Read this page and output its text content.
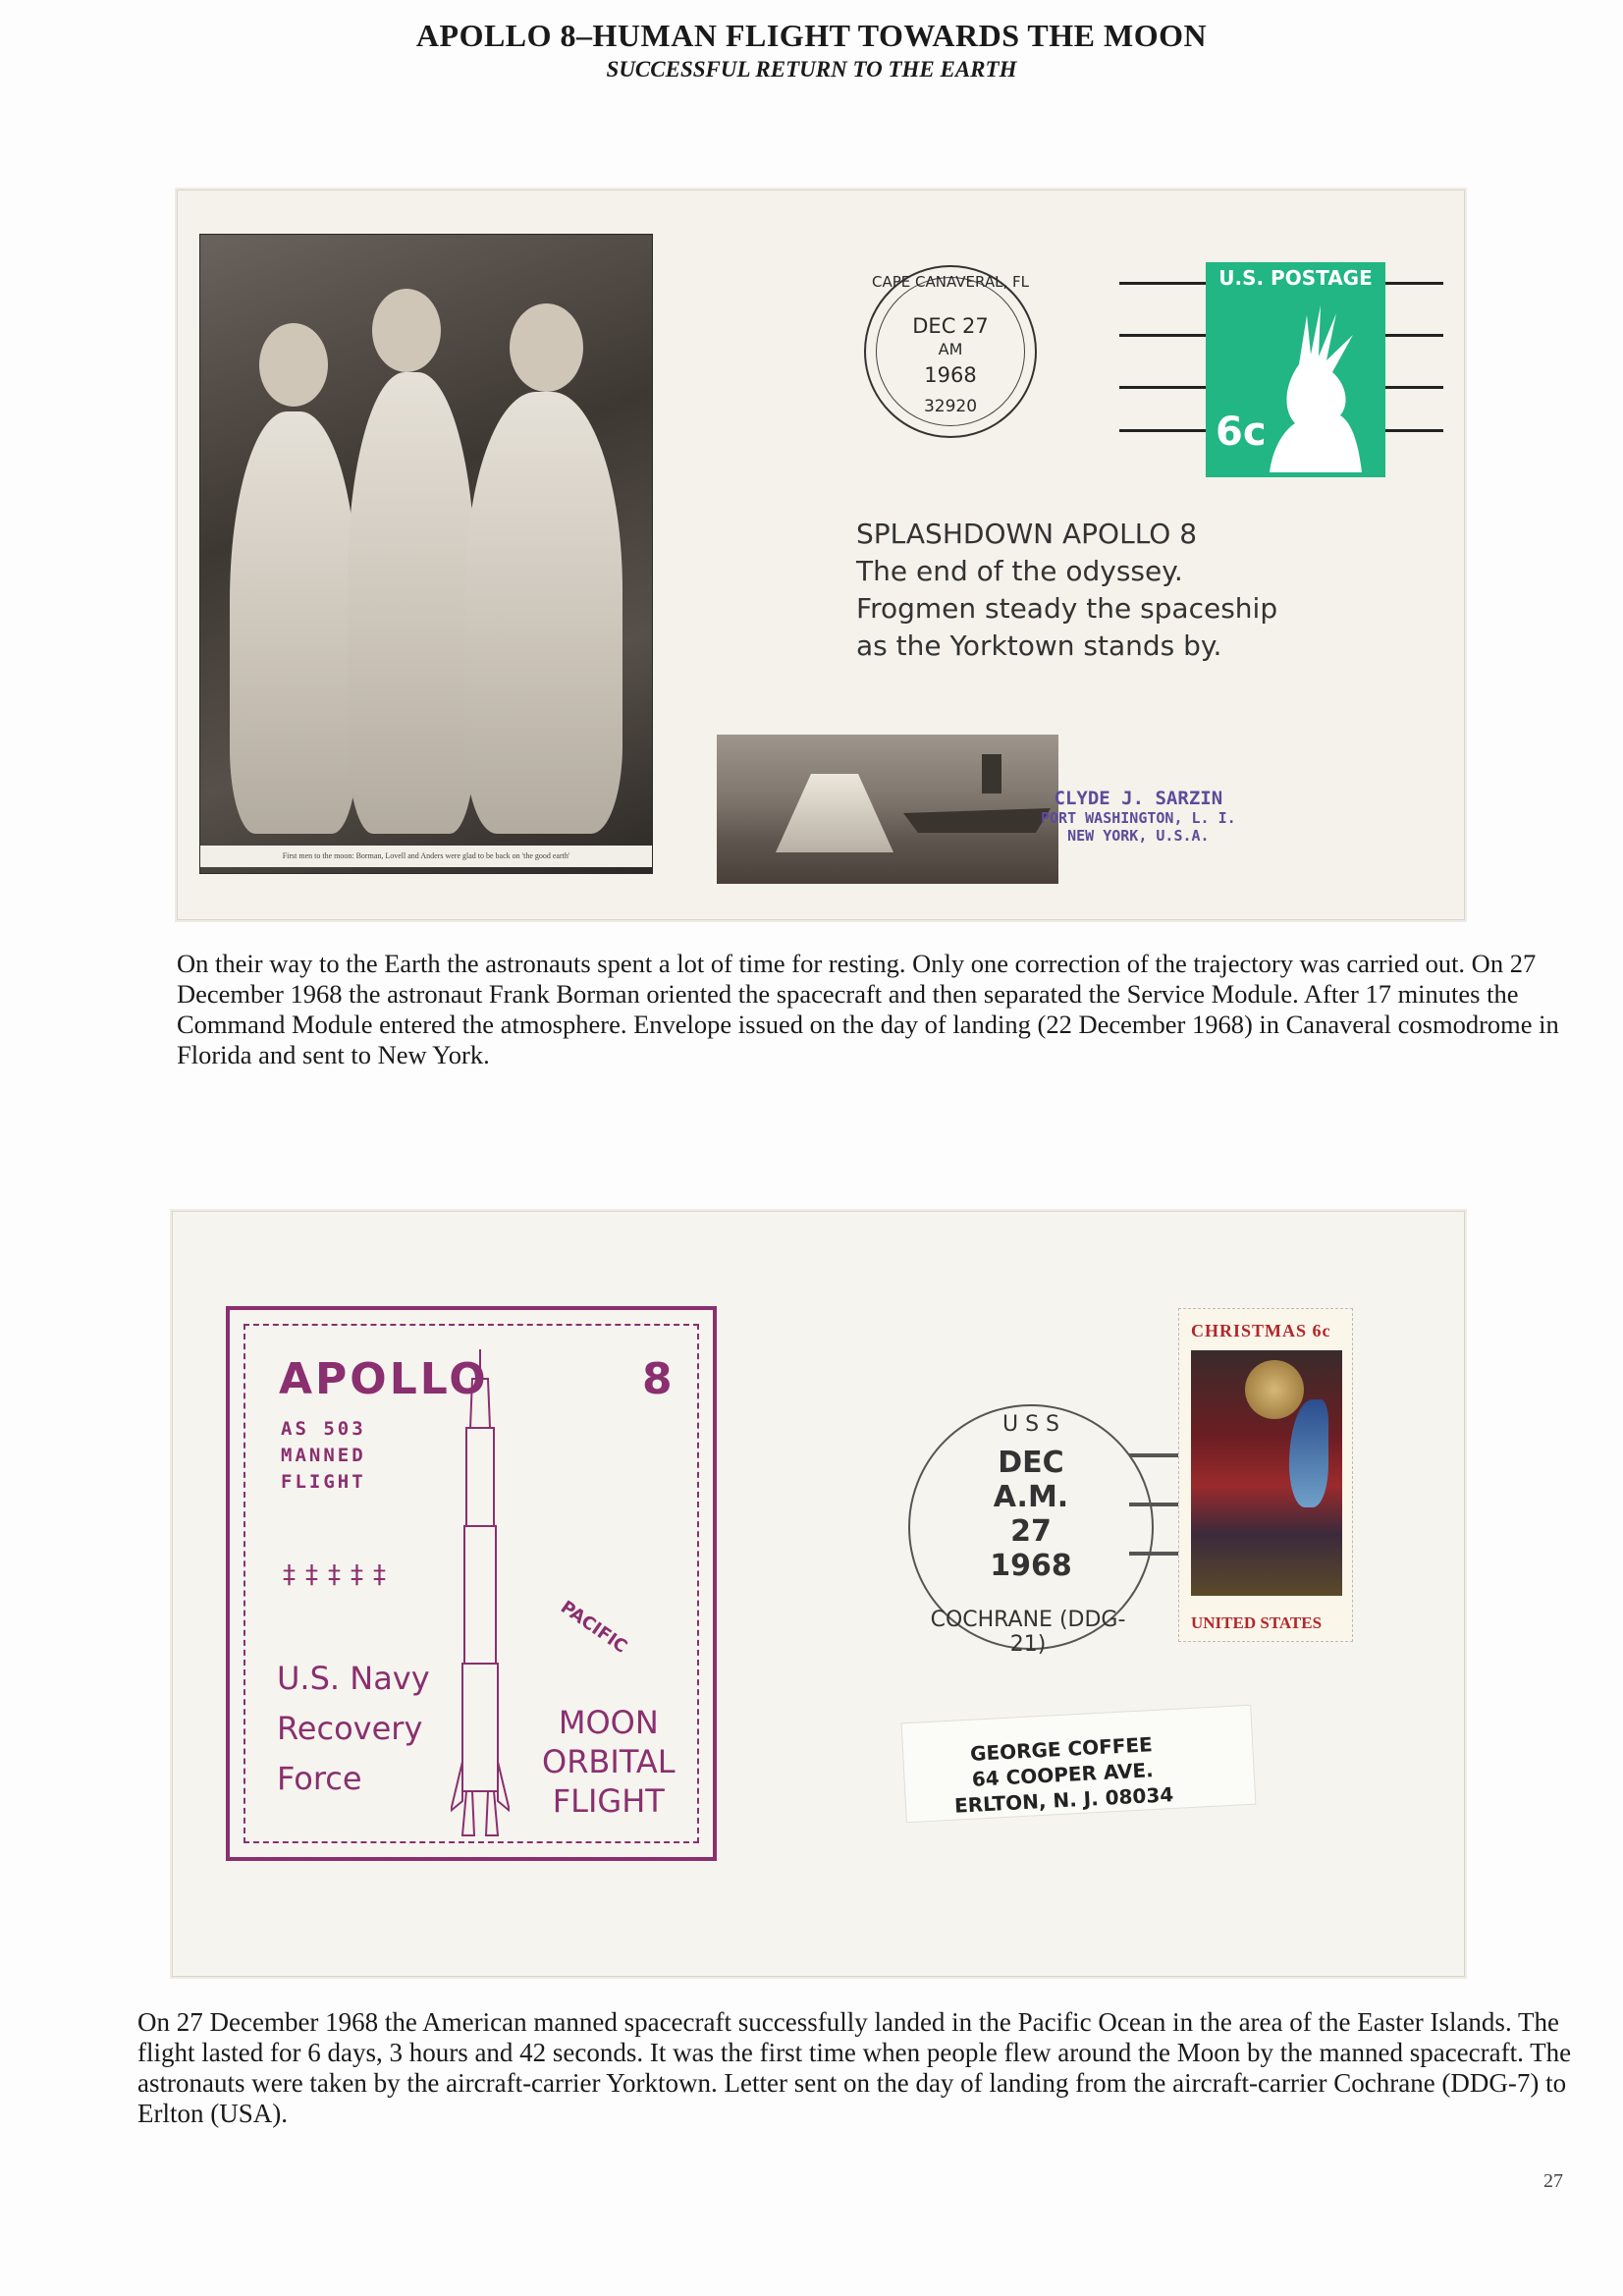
APOLLO 8–HUMAN FLIGHT TOWARDS THE MOON
SUCCESSFUL RETURN TO THE EARTH
First men to the moon: Borman, Lovell and Anders were glad to be back on 'the good earth'
CAPE CANAVERAL, FL
DEC 27
AM
1968
32920
U.S. POSTAGE
6c
SPLASHDOWN APOLLO 8
The end of the odyssey.
Frogmen steady the spaceship
as the Yorktown stands by.
CLYDE J. SARZIN
PORT WASHINGTON, L. I.
NEW YORK, U.S.A.
On their way to the Earth the astronauts spent a lot of time for resting. Only one correction of the trajectory was carried out. On 27 December 1968 the astronaut Frank Borman oriented the spacecraft and then separated the Service Module. After 17 minutes the Command Module entered the atmosphere. Envelope issued on the day of landing (22 December 1968) in Canaveral cosmodrome in Florida and sent to New York.
APOLLO	8
AS 503
MANNED
FLIGHT
‡‡‡‡‡
U.S. Navy
Recovery
Force
PACIFIC
MOON
ORBITAL
FLIGHT
U S S
DEC
A.M.
27
1968
COCHRANE (DDG-21)
CHRISTMAS 6c
UNITED STATES
GEORGE COFFEE
64 COOPER AVE.
ERLTON, N. J. 08034
On 27 December 1968 the American manned spacecraft successfully landed in the Pacific Ocean in the area of the Easter Islands. The flight lasted for 6 days, 3 hours and 42 seconds. It was the first time when people flew around the Moon by the manned spacecraft. The astronauts were taken by the aircraft-carrier Yorktown. Letter sent on the day of landing from the aircraft-carrier Cochrane (DDG-7) to Erlton (USA).
27
